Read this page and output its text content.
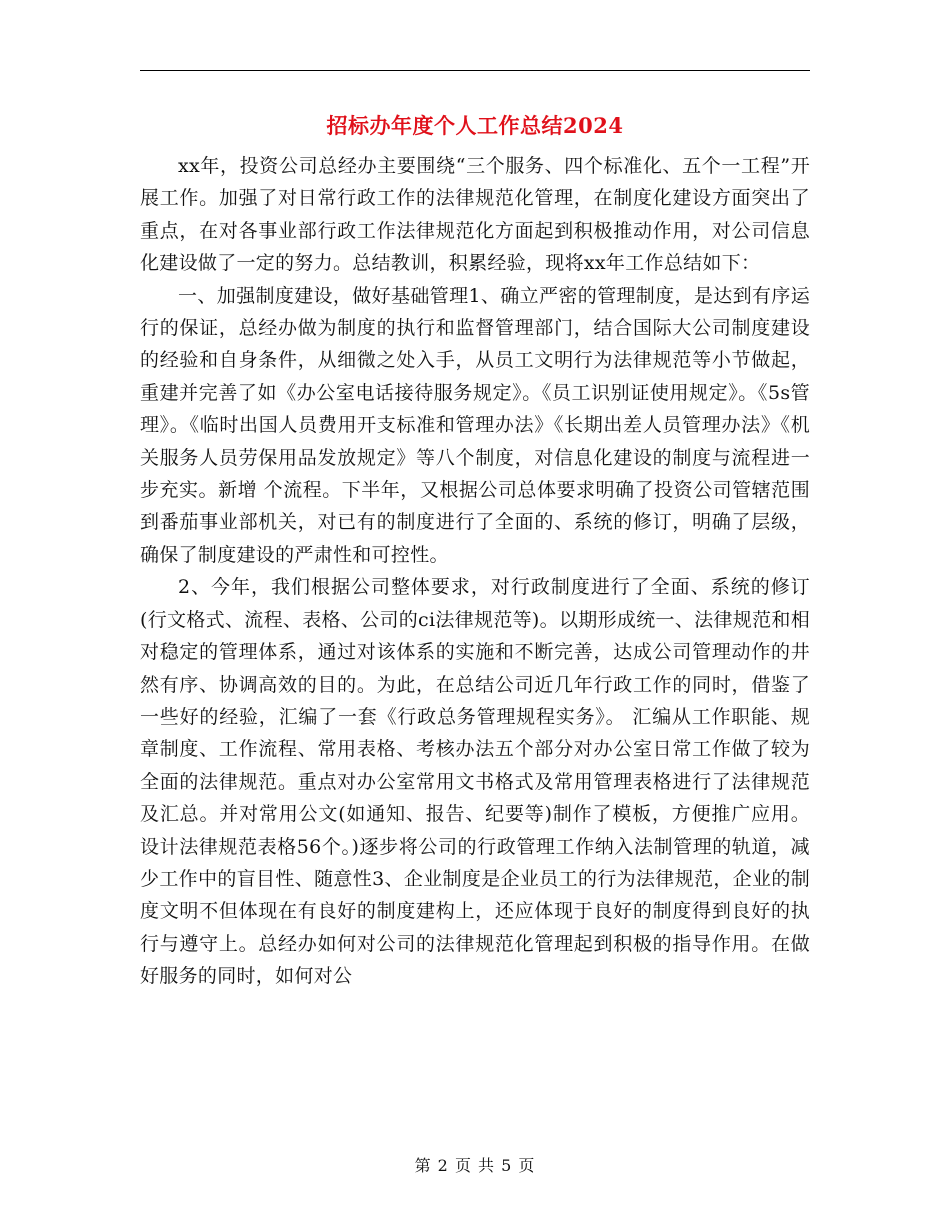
招标办年度个人工作总结2024

xx年，投资公司总经办主要围绕“三个服务、四个标准化、五个一工程”开展工作。加强了对日常行政工作的法律规范化管理，在制度化建设方面突出了重点，在对各事业部行政工作法律规范化方面起到积极推动作用，对公司信息化建设做了一定的努力。总结教训，积累经验，现将xx年工作总结如下：

一、加强制度建设，做好基础管理1、确立严密的管理制度，是达到有序运行的保证，总经办做为制度的执行和监督管理部门，结合国际大公司制度建设的经验和自身条件，从细微之处入手，从员工文明行为法律规范等小节做起，重建并完善了如《办公室电话接待服务规定》。《员工识别证使用规定》。《5s管理》。《临时出国人员费用开支标准和管理办法》《长期出差人员管理办法》《机关服务人员劳保用品发放规定》等八个制度，对信息化建设的制度与流程进一步充实。新增 个流程。下半年，又根据公司总体要求明确了投资公司管辖范围到番茄事业部机关，对已有的制度进行了全面的、系统的修订，明确了层级，确保了制度建设的严肃性和可控性。

2、今年，我们根据公司整体要求，对行政制度进行了全面、系统的修订(行文格式、流程、表格、公司的ci法律规范等)。以期形成统一、法律规范和相对稳定的管理体系，通过对该体系的实施和不断完善，达成公司管理动作的井然有序、协调高效的目的。为此，在总结公司近几年行政工作的同时，借鉴了一些好的经验，汇编了一套《行政总务管理规程实务》。 汇编从工作职能、规章制度、工作流程、常用表格、考核办法五个部分对办公室日常工作做了较为全面的法律规范。重点对办公室常用文书格式及常用管理表格进行了法律规范及汇总。并对常用公文(如通知、报告、纪要等)制作了模板，方便推广应用。设计法律规范表格56个。)逐步将公司的行政管理工作纳入法制管理的轨道，减少工作中的盲目性、随意性3、企业制度是企业员工的行为法律规范，企业的制度文明不但体现在有良好的制度建构上，还应体现于良好的制度得到良好的执行与遵守上。总经办如何对公司的法律规范化管理起到积极的指导作用。在做好服务的同时，如何对公

第 2 页 共 5 页
